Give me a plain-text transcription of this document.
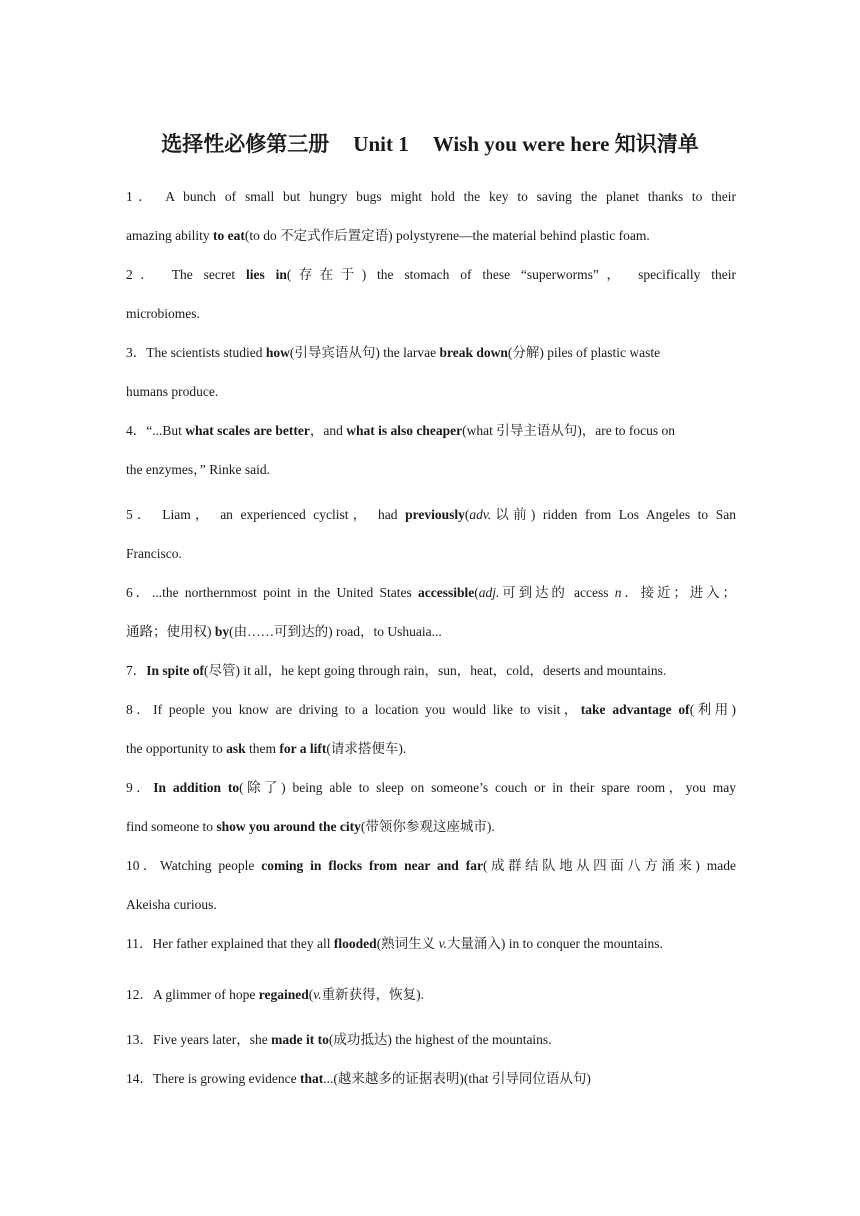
选择性必修第三册 Unit 1 Wish you were here 知识清单
1． A bunch of small but hungry bugs might hold the key to saving the planet thanks to their
amazing ability to eat(to do 不定式作后置定语) polystyrene—the material behind plastic foam.
2． The secret lies in(存在于) the stomach of these “superworms”， specifically their
microbiomes.
3．The scientists studied how(引导宾语从句) the larvae break down(分解) piles of plastic waste
humans produce.
4．“...But what scales are better，and what is also cheaper(what 引导主语从句)，are to focus on
the enzymes，” Rinke said.
5． Liam， an experienced cyclist， had previously(adv.以前) ridden from Los Angeles to San
Francisco.
6．...the northernmost point in the United States accessible(adj.可到达的 access n．接近；进入；
通路；使用权) by(由……可到达的) road，to Ushuaia...
7．In spite of(尽管) it all，he kept going through rain，sun，heat，cold，deserts and mountains.
8．If people you know are driving to a location you would like to visit，take advantage of(利用)
the opportunity to ask them for a lift(请求搭便车).
9．In addition to(除了) being able to sleep on someone’s couch or in their spare room，you may
find someone to show you around the city(带领你参观这座城市).
10．Watching people coming in flocks from near and far(成群结队地从四面八方涌来) made
Akeisha curious.
11．Her father explained that they all flooded(熟词生义 v.大量涌入) in to conquer the mountains.
12．A glimmer of hope regained(v.重新获得，恢复).
13．Five years later，she made it to(成功抵达) the highest of the mountains.
14．There is growing evidence that...(越来越多的证据表明)(that 引导同位语从句)
